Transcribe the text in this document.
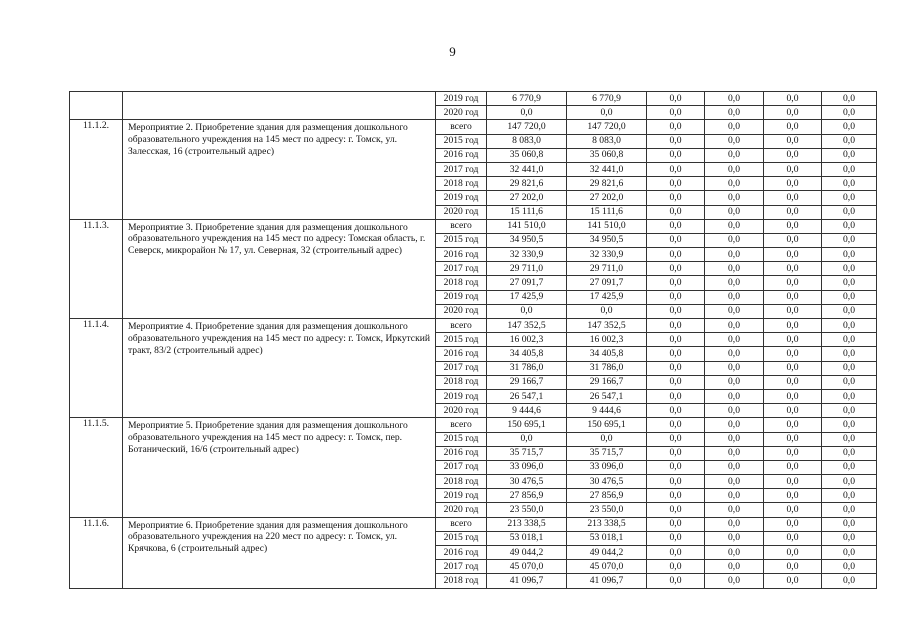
9
		2019 год	6 770,9	6 770,9	0,0	0,0	0,0	0,0
		2020 год	0,0	0,0	0,0	0,0	0,0	0,0
11.1.2.	Мероприятие 2. Приобретение здания для размещения дошкольного образовательного учреждения на 145 мест по адресу: г. Томск, ул. Залесская, 16 (строительный адрес)	всего	147 720,0	147 720,0	0,0	0,0	0,0	0,0
		2015 год	8 083,0	8 083,0	0,0	0,0	0,0	0,0
		2016 год	35 060,8	35 060,8	0,0	0,0	0,0	0,0
		2017 год	32 441,0	32 441,0	0,0	0,0	0,0	0,0
		2018 год	29 821,6	29 821,6	0,0	0,0	0,0	0,0
		2019 год	27 202,0	27 202,0	0,0	0,0	0,0	0,0
		2020 год	15 111,6	15 111,6	0,0	0,0	0,0	0,0
11.1.3.	Мероприятие 3. Приобретение здания для размещения дошкольного образовательного учреждения на 145 мест по адресу: Томская область, г. Северск, микрорайон № 17, ул. Северная, 32 (строительный адрес)	всего	141 510,0	141 510,0	0,0	0,0	0,0	0,0
		2015 год	34 950,5	34 950,5	0,0	0,0	0,0	0,0
		2016 год	32 330,9	32 330,9	0,0	0,0	0,0	0,0
		2017 год	29 711,0	29 711,0	0,0	0,0	0,0	0,0
		2018 год	27 091,7	27 091,7	0,0	0,0	0,0	0,0
		2019 год	17 425,9	17 425,9	0,0	0,0	0,0	0,0
		2020 год	0,0	0,0	0,0	0,0	0,0	0,0
11.1.4.	Мероприятие 4. Приобретение здания для размещения дошкольного образовательного учреждения на 145 мест по адресу: г. Томск, Иркутский тракт, 83/2 (строительный адрес)	всего	147 352,5	147 352,5	0,0	0,0	0,0	0,0
		2015 год	16 002,3	16 002,3	0,0	0,0	0,0	0,0
		2016 год	34 405,8	34 405,8	0,0	0,0	0,0	0,0
		2017 год	31 786,0	31 786,0	0,0	0,0	0,0	0,0
		2018 год	29 166,7	29 166,7	0,0	0,0	0,0	0,0
		2019 год	26 547,1	26 547,1	0,0	0,0	0,0	0,0
		2020 год	9 444,6	9 444,6	0,0	0,0	0,0	0,0
11.1.5.	Мероприятие 5. Приобретение здания для размещения дошкольного образовательного учреждения на 145 мест по адресу: г. Томск, пер. Ботанический, 16/6 (строительный адрес)	всего	150 695,1	150 695,1	0,0	0,0	0,0	0,0
		2015 год	0,0	0,0	0,0	0,0	0,0	0,0
		2016 год	35 715,7	35 715,7	0,0	0,0	0,0	0,0
		2017 год	33 096,0	33 096,0	0,0	0,0	0,0	0,0
		2018 год	30 476,5	30 476,5	0,0	0,0	0,0	0,0
		2019 год	27 856,9	27 856,9	0,0	0,0	0,0	0,0
		2020 год	23 550,0	23 550,0	0,0	0,0	0,0	0,0
11.1.6.	Мероприятие 6. Приобретение здания для размещения дошкольного образовательного учреждения на 220 мест по адресу: г. Томск, ул. Крячкова, 6 (строительный адрес)	всего	213 338,5	213 338,5	0,0	0,0	0,0	0,0
		2015 год	53 018,1	53 018,1	0,0	0,0	0,0	0,0
		2016 год	49 044,2	49 044,2	0,0	0,0	0,0	0,0
		2017 год	45 070,0	45 070,0	0,0	0,0	0,0	0,0
		2018 год	41 096,7	41 096,7	0,0	0,0	0,0	0,0
